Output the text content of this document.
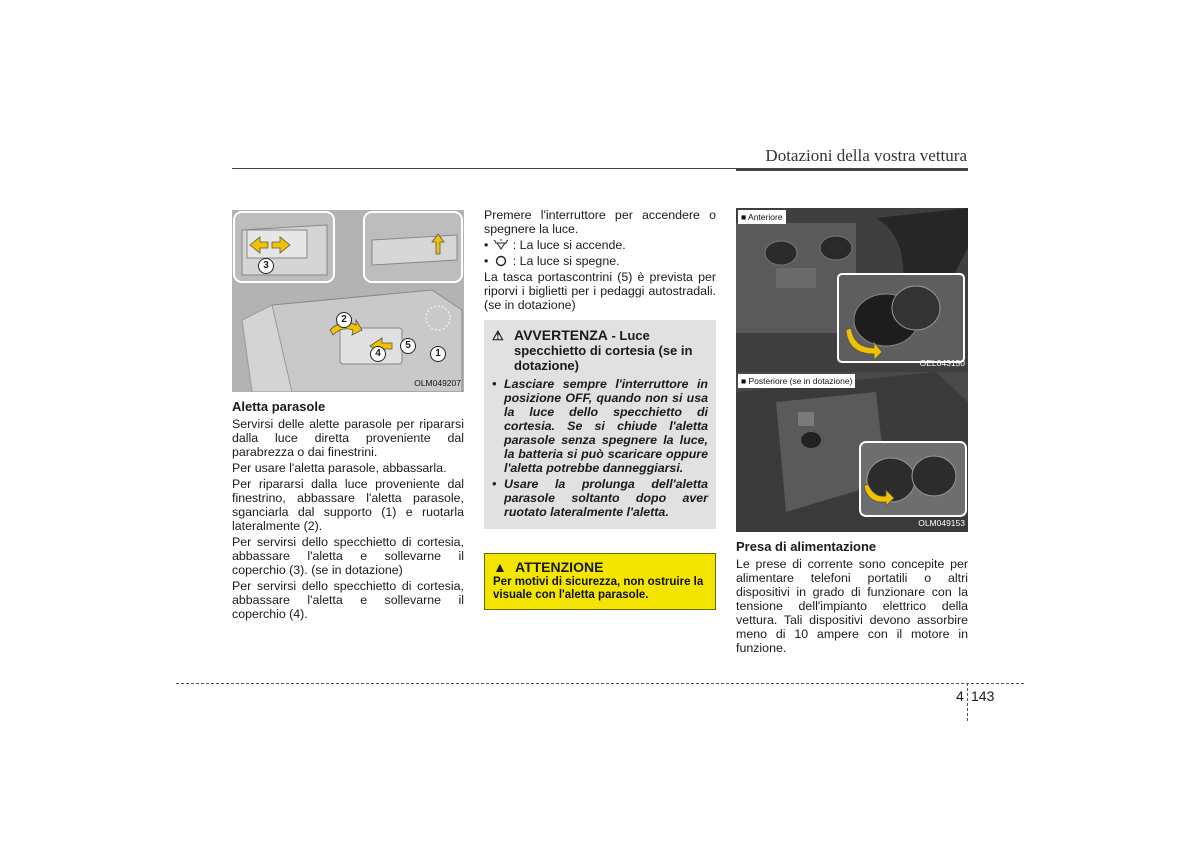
Dotazioni della vostra vettura
3
2
5
4	1
OLM049207
Aletta parasole

Servirsi delle alette parasole per ripararsi dalla luce diretta proveniente dal parabrezza o dai finestrini.

Per usare l'aletta parasole, abbassarla.

Per ripararsi dalla luce proveniente dal finestrino, abbassare l'aletta parasole, sganciarla dal supporto (1) e ruotarla lateralmente (2).

Per servirsi dello specchietto di cortesia, abbassare l'aletta e sollevarne il coperchio (3). (se in dotazione)

Per servirsi dello specchietto di cortesia, abbassare l'aletta e sollevarne il coperchio (4).

Premere l'interruttore per accendere o spegnere la luce.

• : La luce si accende.
• : La luce si spegne.

La tasca portascontrini (5) è prevista per riporvi i biglietti per i pedaggi autostradali. (se in dotazione)

⚠ AVVERTENZA - Luce specchietto di cortesia (se in dotazione)
• Lasciare sempre l'interruttore in posizione OFF, quando non si usa la luce dello specchietto di cortesia. Se si chiude l'aletta parasole senza spegnere la luce, la batteria si può scaricare oppure l'aletta potrebbe danneggiarsi.
• Usare la prolunga dell'aletta parasole soltanto dopo aver ruotato lateralmente l'aletta.
▲ ATTENZIONE
Per motivi di sicurezza, non ostruire la visuale con l'aletta parasole.
■ Anteriore
OEL043150
■ Posteriore (se in dotazione)
OLM049153
Presa di alimentazione

Le prese di corrente sono concepite per alimentare telefoni portatili o altri dispositivi in grado di funzionare con la tensione dell'impianto elettrico della vettura. Tali dispositivi devono assorbire meno di 10 ampere con il motore in funzione.

4 143
